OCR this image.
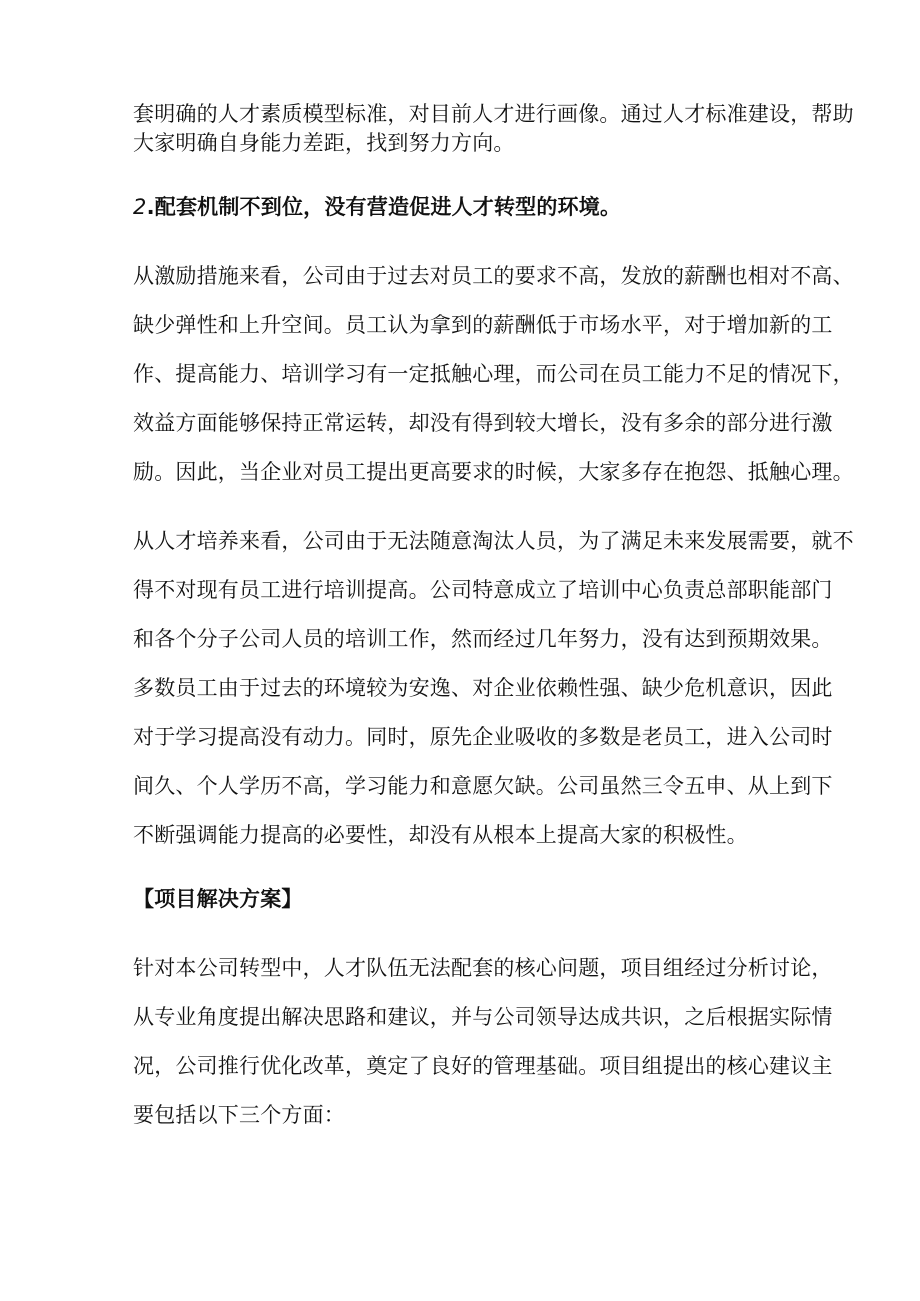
套明确的人才素质模型标准，对目前人才进行画像。通过人才标准建设，帮助
大家明确自身能力差距，找到努力方向。
2.配套机制不到位，没有营造促进人才转型的环境。
从激励措施来看，公司由于过去对员工的要求不高，发放的薪酬也相对不高、
缺少弹性和上升空间。员工认为拿到的薪酬低于市场水平，对于增加新的工
作、提高能力、培训学习有一定抵触心理，而公司在员工能力不足的情况下，
效益方面能够保持正常运转，却没有得到较大增长，没有多余的部分进行激
励。因此，当企业对员工提出更高要求的时候，大家多存在抱怨、抵触心理。
从人才培养来看，公司由于无法随意淘汰人员，为了满足未来发展需要，就不
得不对现有员工进行培训提高。公司特意成立了培训中心负责总部职能部门
和各个分子公司人员的培训工作，然而经过几年努力，没有达到预期效果。
多数员工由于过去的环境较为安逸、对企业依赖性强、缺少危机意识，因此
对于学习提高没有动力。同时，原先企业吸收的多数是老员工，进入公司时
间久、个人学历不高，学习能力和意愿欠缺。公司虽然三令五申、从上到下
不断强调能力提高的必要性，却没有从根本上提高大家的积极性。
【项目解决方案】
针对本公司转型中，人才队伍无法配套的核心问题，项目组经过分析讨论，
从专业角度提出解决思路和建议，并与公司领导达成共识，之后根据实际情
况，公司推行优化改革，奠定了良好的管理基础。项目组提出的核心建议主
要包括以下三个方面：
